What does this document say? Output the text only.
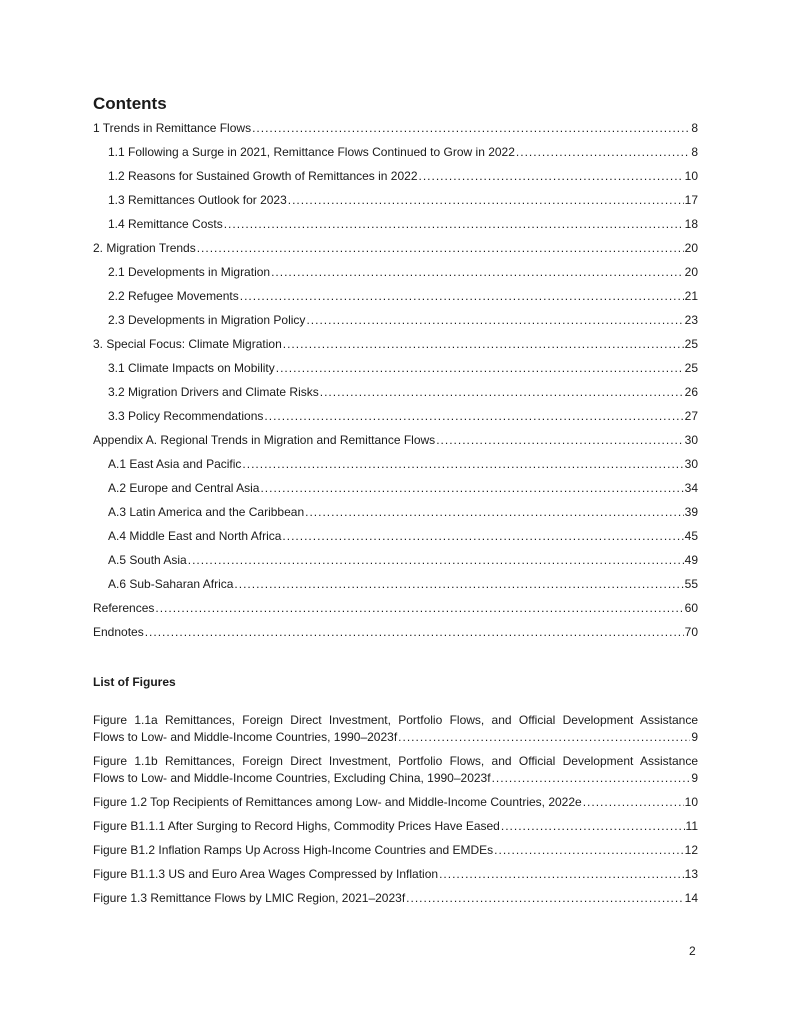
Contents
1 Trends in Remittance Flows .....	8
1.1 Following a Surge in 2021, Remittance Flows Continued to Grow in 2022 .....	8
1.2 Reasons for Sustained Growth of Remittances in 2022 .....	10
1.3 Remittances Outlook for 2023 .....	17
1.4 Remittance Costs .....	18
2. Migration Trends .....	20
2.1 Developments in Migration .....	20
2.2 Refugee Movements .....	21
2.3 Developments in Migration Policy .....	23
3. Special Focus: Climate Migration .....	25
3.1 Climate Impacts on Mobility .....	25
3.2 Migration Drivers and Climate Risks .....	26
3.3 Policy Recommendations .....	27
Appendix A. Regional Trends in Migration and Remittance Flows .....	30
A.1 East Asia and Pacific .....	30
A.2 Europe and Central Asia .....	34
A.3 Latin America and the Caribbean .....	39
A.4 Middle East and North Africa .....	45
A.5 South Asia .....	49
A.6 Sub-Saharan Africa .....	55
References .....	60
Endnotes .....	70
List of Figures
Figure 1.1a Remittances, Foreign Direct Investment, Portfolio Flows, and Official Development Assistance
Flows to Low- and Middle-Income Countries, 1990–2023f .....	9
Figure 1.1b Remittances, Foreign Direct Investment, Portfolio Flows, and Official Development Assistance
Flows to Low- and Middle-Income Countries, Excluding China, 1990–2023f .....	9
Figure 1.2 Top Recipients of Remittances among Low- and Middle-Income Countries, 2022e .....	10
Figure B1.1.1 After Surging to Record Highs, Commodity Prices Have Eased .....	11
Figure B1.2 Inflation Ramps Up Across High-Income Countries and EMDEs .....	12
Figure B1.1.3 US and Euro Area Wages Compressed by Inflation .....	13
Figure 1.3 Remittance Flows by LMIC Region, 2021–2023f .....	14
2
